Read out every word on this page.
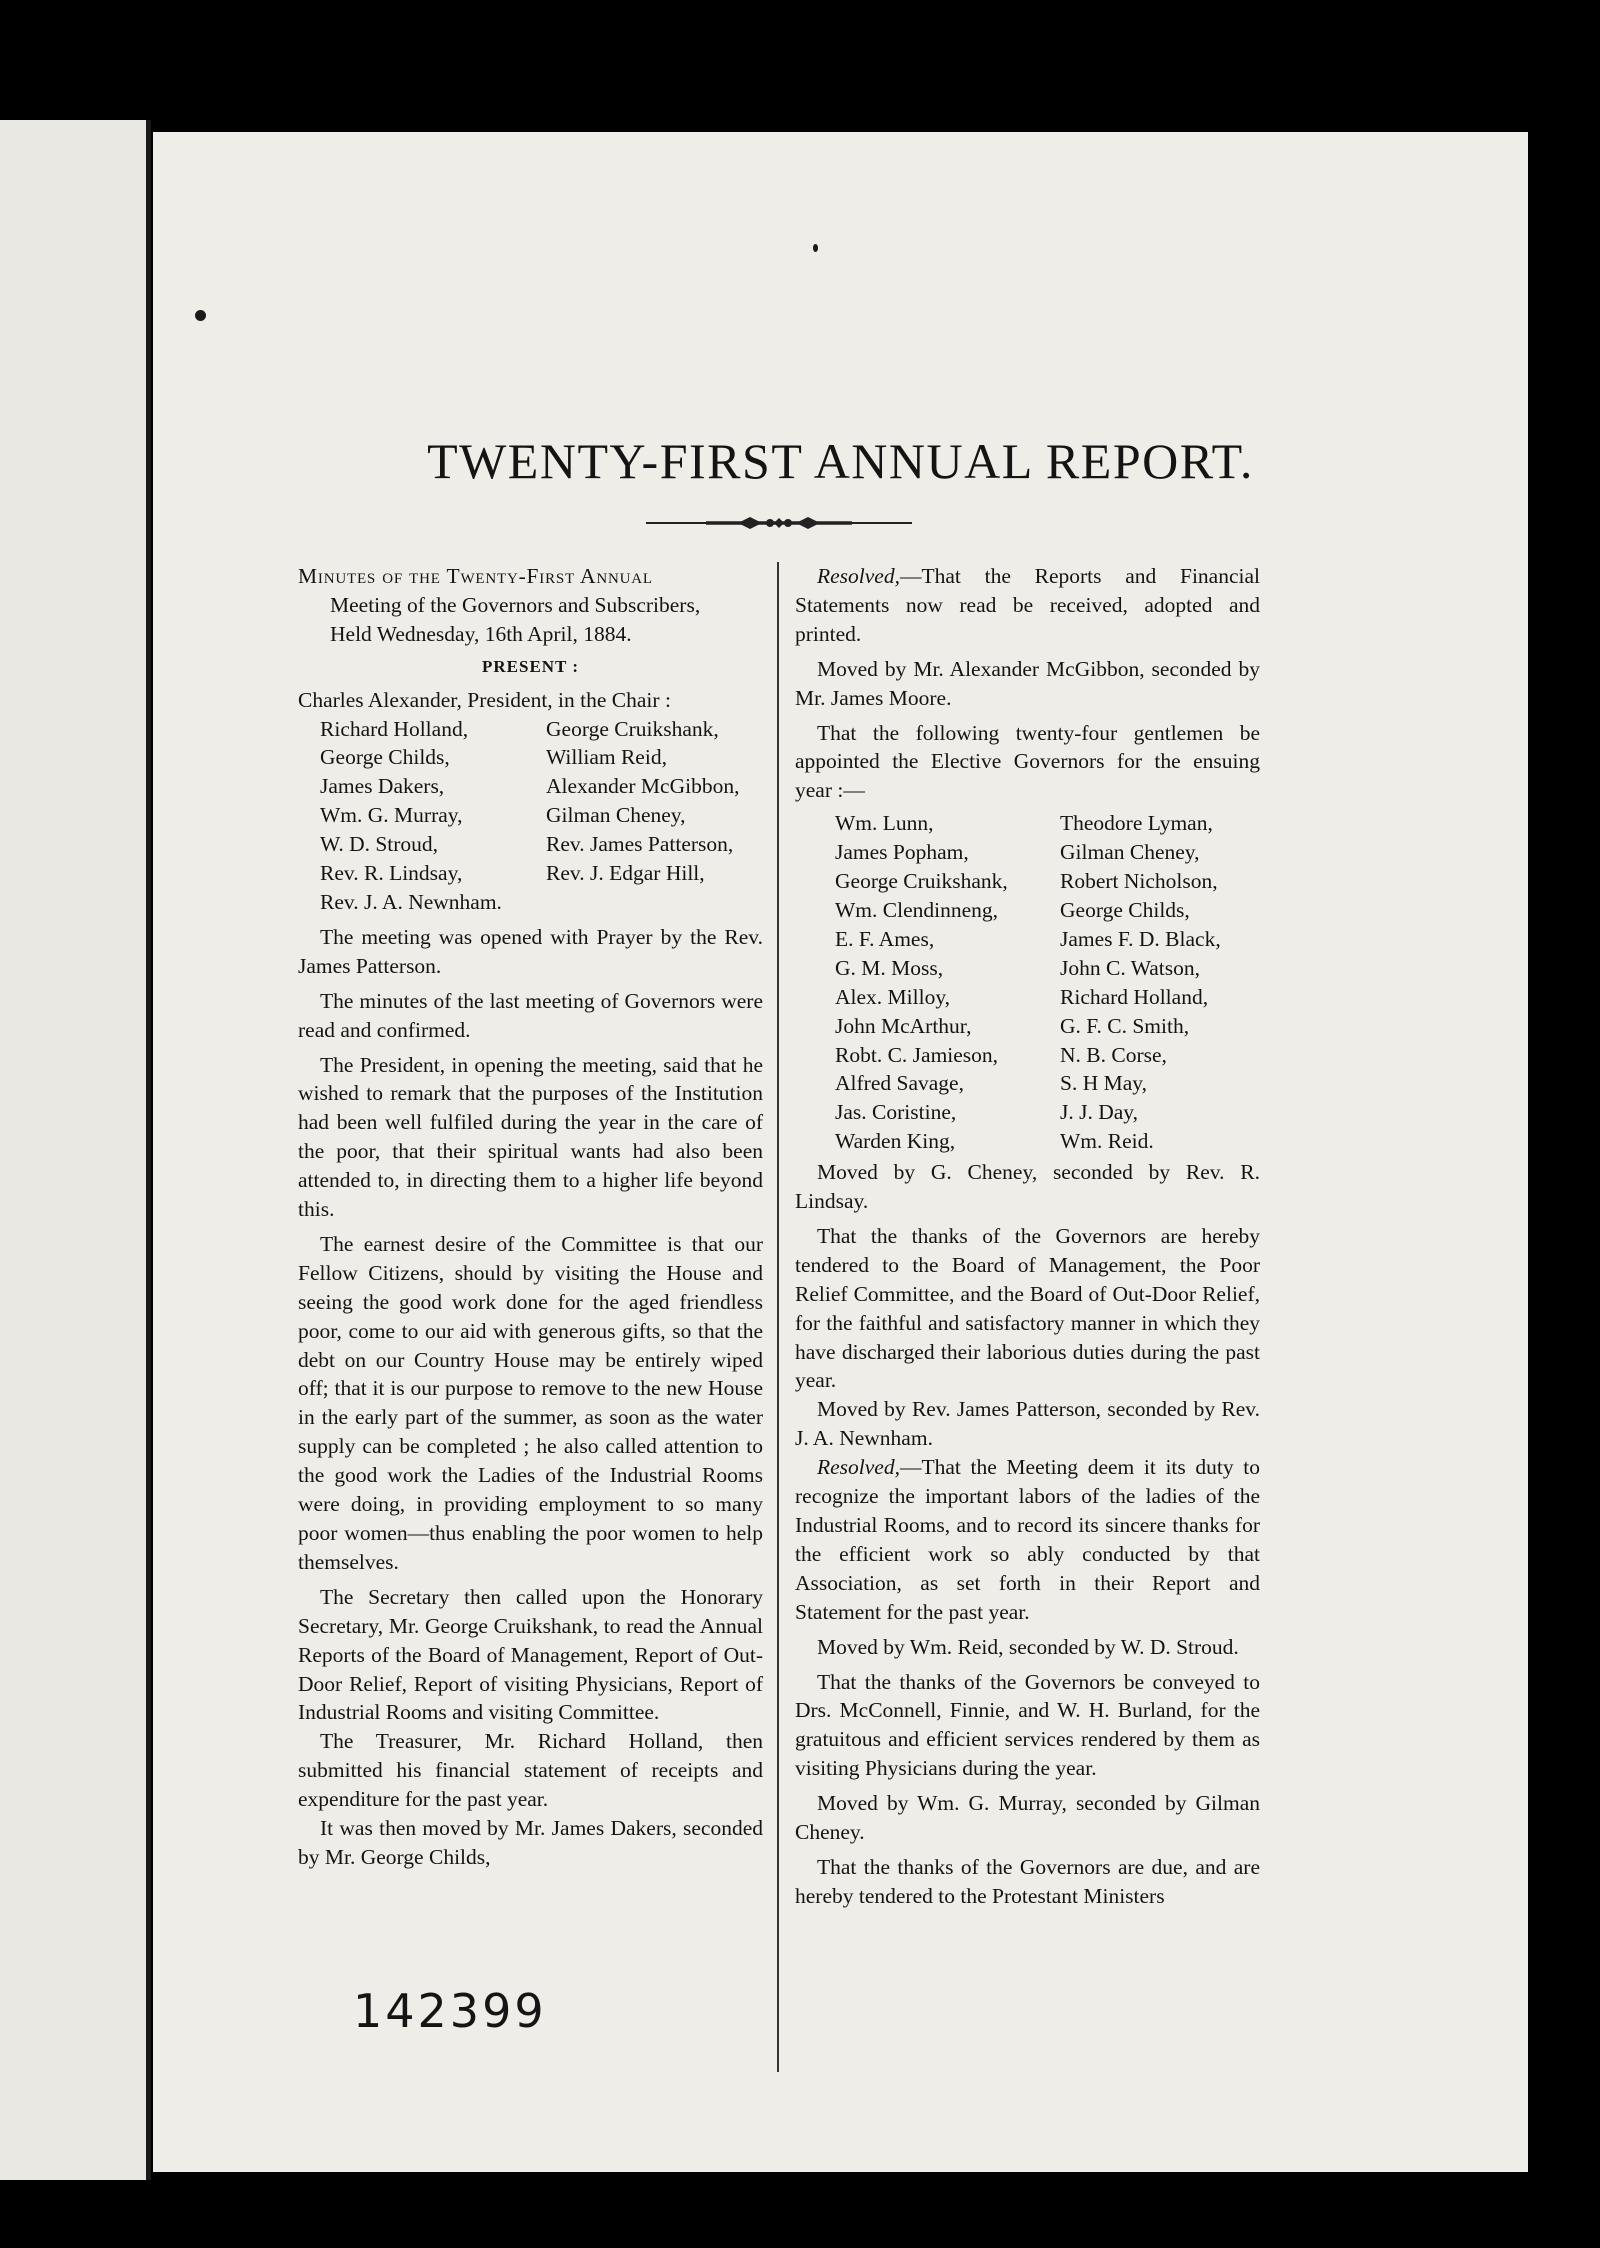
TWENTY-FIRST ANNUAL REPORT.

Minutes of the Twenty-First Annual

Meeting of the Governors and Subscribers,

Held Wednesday, 16th April, 1884.

PRESENT :

Charles Alexander, President, in the Chair :

Richard Holland,	George Cruikshank,
George Childs,	William Reid,
James Dakers,	Alexander McGibbon,
Wm. G. Murray,	Gilman Cheney,
W. D. Stroud,	Rev. James Patterson,
Rev. R. Lindsay,	Rev. J. Edgar Hill,
Rev. J. A. Newnham.

The meeting was opened with Prayer by the Rev. James Patterson.

The minutes of the last meeting of Governors were read and confirmed.

The President, in opening the meeting, said that he wished to remark that the purposes of the Institution had been well fulfiled during the year in the care of the poor, that their spiritual wants had also been attended to, in directing them to a higher life beyond this.

The earnest desire of the Committee is that our Fellow Citizens, should by visiting the House and seeing the good work done for the aged friendless poor, come to our aid with generous gifts, so that the debt on our Country House may be entirely wiped off; that it is our purpose to remove to the new House in the early part of the summer, as soon as the water supply can be completed ; he also called attention to the good work the Ladies of the Industrial Rooms were doing, in providing employment to so many poor women—thus enabling the poor women to help themselves.

The Secretary then called upon the Honorary Secretary, Mr. George Cruikshank, to read the Annual Reports of the Board of Management, Report of Out-Door Relief, Report of visiting Physicians, Report of Industrial Rooms and visiting Committee.

The Treasurer, Mr. Richard Holland, then submitted his financial statement of receipts and expenditure for the past year.

It was then moved by Mr. James Dakers, seconded by Mr. George Childs,

Resolved,—That the Reports and Financial Statements now read be received, adopted and printed.

Moved by Mr. Alexander McGibbon, seconded by Mr. James Moore.

That the following twenty-four gentlemen be appointed the Elective Governors for the ensuing year :—

Wm. Lunn,	Theodore Lyman,
James Popham,	Gilman Cheney,
George Cruikshank,	Robert Nicholson,
Wm. Clendinneng,	George Childs,
E. F. Ames,	James F. D. Black,
G. M. Moss,	John C. Watson,
Alex. Milloy,	Richard Holland,
John McArthur,	G. F. C. Smith,
Robt. C. Jamieson,	N. B. Corse,
Alfred Savage,	S. H May,
Jas. Coristine,	J. J. Day,
Warden King,	Wm. Reid.

Moved by G. Cheney, seconded by Rev. R. Lindsay.

That the thanks of the Governors are hereby tendered to the Board of Management, the Poor Relief Committee, and the Board of Out-Door Relief, for the faithful and satisfactory manner in which they have discharged their laborious duties during the past year.

Moved by Rev. James Patterson, seconded by Rev. J. A. Newnham.

Resolved,—That the Meeting deem it its duty to recognize the important labors of the ladies of the Industrial Rooms, and to record its sincere thanks for the efficient work so ably conducted by that Association, as set forth in their Report and Statement for the past year.

Moved by Wm. Reid, seconded by W. D. Stroud.

That the thanks of the Governors be conveyed to Drs. McConnell, Finnie, and W. H. Burland, for the gratuitous and efficient services rendered by them as visiting Physicians during the year.

Moved by Wm. G. Murray, seconded by Gilman Cheney.

That the thanks of the Governors are due, and are hereby tendered to the Protestant Ministers

142399
